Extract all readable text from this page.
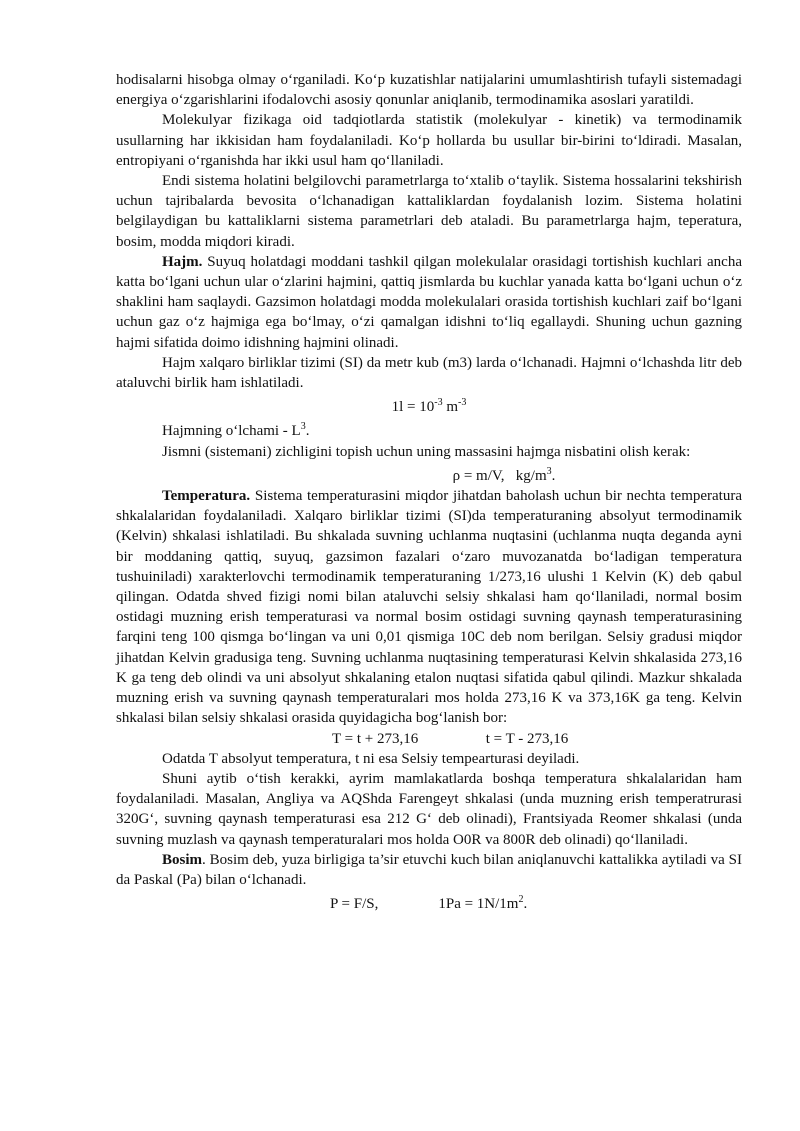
hodisalarni hisobga olmay o‘rganiladi. Ko‘p kuzatishlar natijalarini umumlashtirish tufayli sistemadagi energiya o‘zgarishlarini ifodalovchi asosiy qonunlar aniqlanib, termodinamika asoslari yaratildi.

Molekulyar fizikaga oid tadqiotlarda statistik (molekulyar - kinetik) va termodinamik usullarning har ikkisidan ham foydalaniladi. Ko‘p hollarda bu usullar bir-birini to‘ldiradi. Masalan, entropiyani o‘rganishda har ikki usul ham qo‘llaniladi.

Endi sistema holatini belgilovchi parametrlarga to‘xtalib o‘taylik. Sistema hossalarini tekshirish uchun tajribalarda bevosita o‘lchanadigan kattaliklardan foydalanish lozim. Sistema holatini belgilaydigan bu kattaliklarni sistema parametrlari deb ataladi. Bu parametrlarga hajm, teperatura, bosim, modda miqdori kiradi.

Hajm. Suyuq holatdagi moddani tashkil qilgan molekulalar orasidagi tortishish kuchlari ancha katta bo‘lgani uchun ular o‘zlarini hajmini, qattiq jismlarda bu kuchlar yanada katta bo‘lgani uchun o‘z shaklini ham saqlaydi. Gazsimon holatdagi modda molekulalari orasida tortishish kuchlari zaif bo‘lgani uchun gaz o‘z hajmiga ega bo‘lmay, o‘zi qamalgan idishni to‘liq egallaydi. Shuning uchun gazning hajmi sifatida doimo idishning hajmini olinadi.

Hajm xalqaro birliklar tizimi (SI) da metr kub (m3) larda o‘lchanadi. Hajmni o‘lchashda litr deb ataluvchi birlik ham ishlatiladi.

$1l = 10^{-3}$ $m^{-3}$

Hajmning o‘lchami - $L^3$.

Jismni (sistemani) zichligini topish uchun uning massasini hajmga nisbatini olish kerak:

ρ = m/V,   $kg/m^3$.

Temperatura. Sistema temperaturasini miqdor jihatdan baholash uchun bir nechta temperatura shkalalaridan foydalaniladi. Xalqaro birliklar tizimi (SI)da temperaturaning absolyut termodinamik (Kelvin) shkalasi ishlatiladi. Bu shkalada suvning uchlanma nuqtasini (uchlanma nuqta deganda ayni bir moddaning qattiq, suyuq, gazsimon fazalari o‘zaro muvozanatda bo‘ladigan temperatura tushuiniladi) xarakterlovchi termodinamik temperaturaning 1/273,16 ulushi 1 Kelvin (K) deb qabul qilingan. Odatda shved fizigi nomi bilan ataluvchi selsiy shkalasi ham qo‘llaniladi, normal bosim ostidagi muzning erish temperaturasi va normal bosim ostidagi suvning qaynash temperaturasining farqini teng 100 qismga bo‘lingan va uni 0,01 qismiga 10C deb nom berilgan. Selsiy gradusi miqdor jihatdan Kelvin gradusiga teng. Suvning uchlanma nuqtasining temperaturasi Kelvin shkalasida 273,16 K ga teng deb olindi va uni absolyut shkalaning etalon nuqtasi sifatida qabul qilindi. Mazkur shkalada muzning erish va suvning qaynash temperaturalari mos holda 273,16 K va 373,16K ga teng. Kelvin shkalasi bilan selsiy shkalasi orasida quyidagicha bog‘lanish bor:

T = t + 273,16                  t = T - 273,16

Odatda T absolyut temperatura, t ni esa Selsiy tempearturasi deyiladi.

Shuni aytib o‘tish kerakki, ayrim mamlakatlarda boshqa temperatura shkalalaridan ham foydalaniladi. Masalan, Angliya va AQShda Farengeyt shkalasi (unda muzning erish temperatrurasi 320G‘, suvning qaynash temperaturasi esa 212 G‘ deb olinadi), Frantsiyada Reomer shkalasi (unda suvning muzlash va qaynash temperaturalari mos holda O0R va 800R deb olinadi) qo‘llaniladi.

Bosim. Bosim deb, yuza birligiga ta’sir etuvchi kuch bilan aniqlanuvchi kattalikka aytiladi va SI da Paskal (Pa) bilan o‘lchanadi.

P = F/S,                $1Pa = 1N/1m^2$.
